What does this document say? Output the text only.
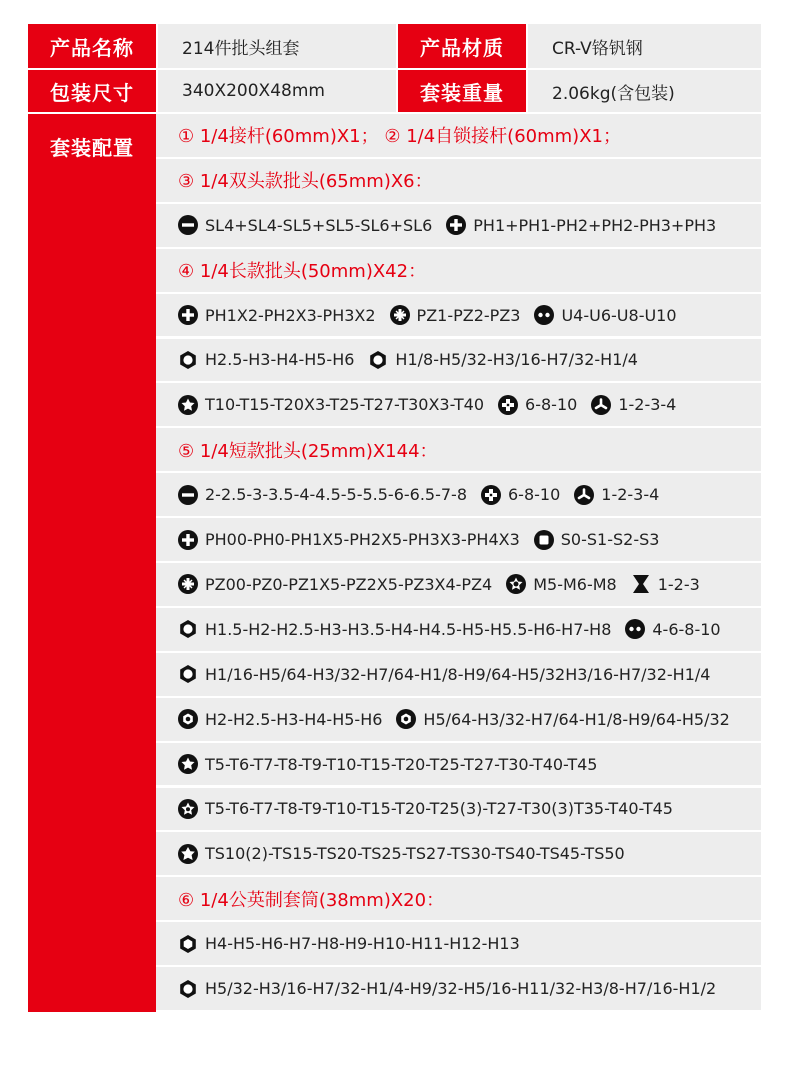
产品名称	214件批头组套	产品材质	CR-V铬钒钢
包装尺寸	340X200X48mm	套装重量	2.06kg(含包装)
套装配置	① 1/4接杆(60mm)X1； ② 1/4自锁接杆(60mm)X1；
③ 1/4双头款批头(65mm)X6：
SL4+SL4-SL5+SL5-SL6+SL6	PH1+PH1-PH2+PH2-PH3+PH3
④ 1/4长款批头(50mm)X42：
PH1X2-PH2X3-PH3X2	PZ1-PZ2-PZ3	U4-U6-U8-U10
H2.5-H3-H4-H5-H6	H1/8-H5/32-H3/16-H7/32-H1/4
T10-T15-T20X3-T25-T27-T30X3-T40	6-8-10	1-2-3-4
⑤ 1/4短款批头(25mm)X144：
2-2.5-3-3.5-4-4.5-5-5.5-6-6.5-7-8	6-8-10	1-2-3-4
PH00-PH0-PH1X5-PH2X5-PH3X3-PH4X3	S0-S1-S2-S3
PZ00-PZ0-PZ1X5-PZ2X5-PZ3X4-PZ4	M5-M6-M8	1-2-3
H1.5-H2-H2.5-H3-H3.5-H4-H4.5-H5-H5.5-H6-H7-H8	4-6-8-10
H1/16-H5/64-H3/32-H7/64-H1/8-H9/64-H5/32H3/16-H7/32-H1/4
H2-H2.5-H3-H4-H5-H6	H5/64-H3/32-H7/64-H1/8-H9/64-H5/32
T5-T6-T7-T8-T9-T10-T15-T20-T25-T27-T30-T40-T45
T5-T6-T7-T8-T9-T10-T15-T20-T25(3)-T27-T30(3)T35-T40-T45
TS10(2)-TS15-TS20-TS25-TS27-TS30-TS40-TS45-TS50
⑥ 1/4公英制套筒(38mm)X20：
H4-H5-H6-H7-H8-H9-H10-H11-H12-H13
H5/32-H3/16-H7/32-H1/4-H9/32-H5/16-H11/32-H3/8-H7/16-H1/2
